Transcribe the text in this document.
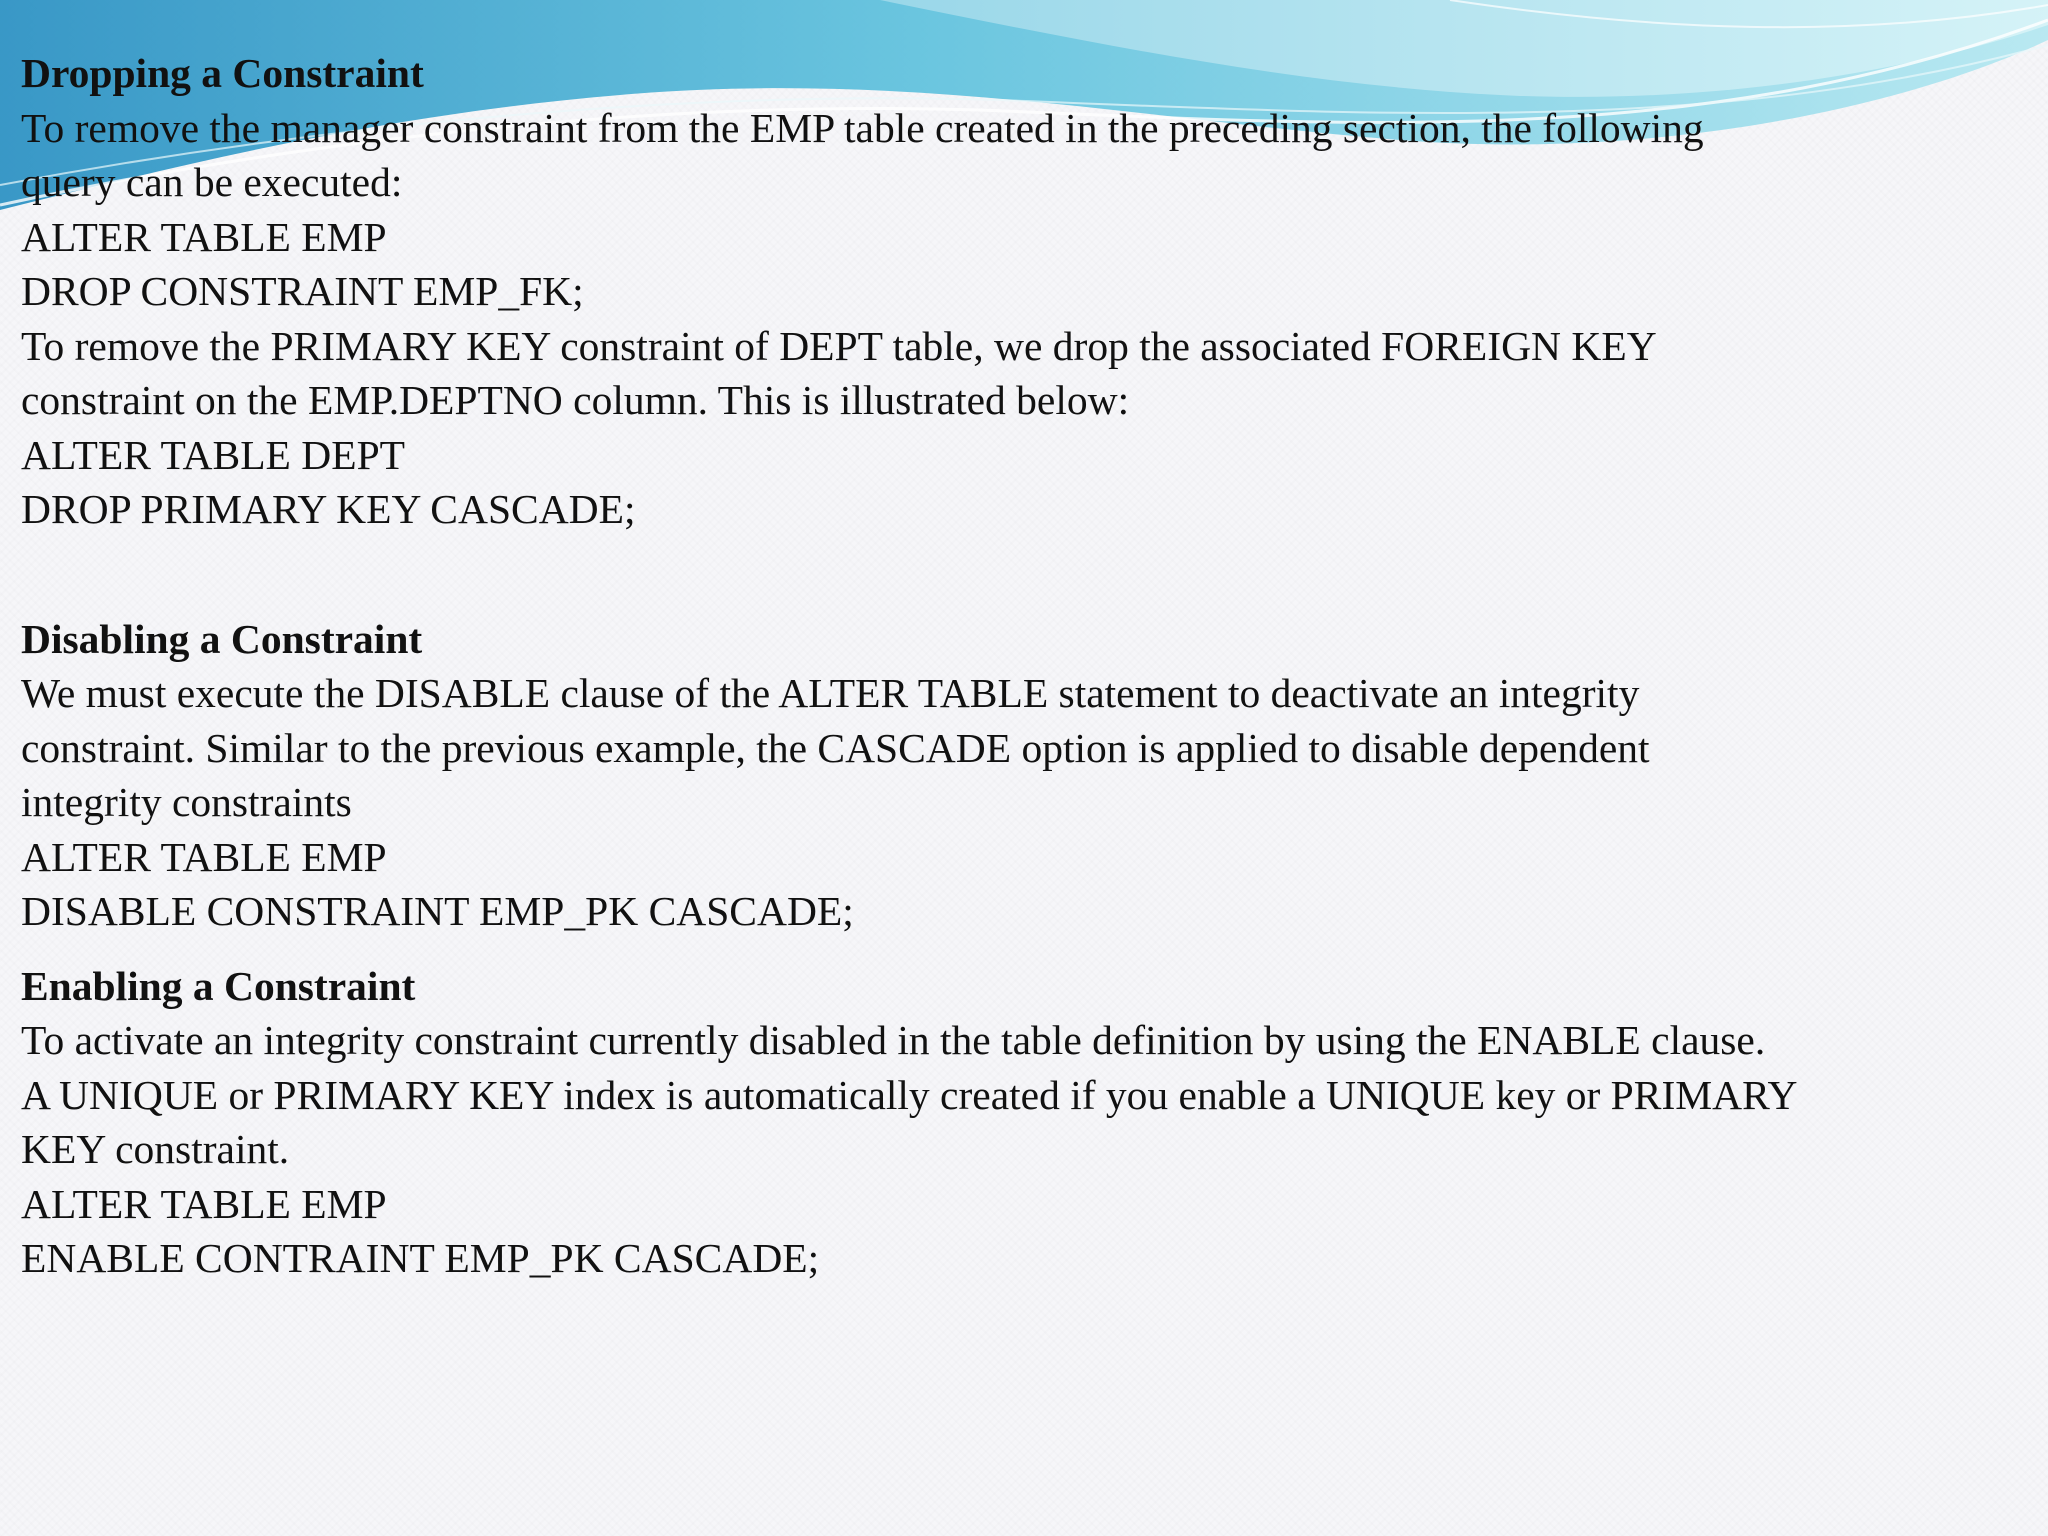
Dropping a Constraint
To remove the manager constraint from the EMP table created in the preceding section, the following
query can be executed:
ALTER TABLE EMP
DROP CONSTRAINT EMP_FK;
To remove the PRIMARY KEY constraint of DEPT table, we drop the associated FOREIGN KEY
constraint on the EMP.DEPTNO column. This is illustrated below:
ALTER TABLE DEPT
DROP PRIMARY KEY CASCADE;
Disabling a Constraint
We must execute the DISABLE clause of the ALTER TABLE statement to deactivate an integrity
constraint. Similar to the previous example, the CASCADE option is applied to disable dependent
integrity constraints
ALTER TABLE EMP
DISABLE CONSTRAINT EMP_PK CASCADE;
Enabling a Constraint
To activate an integrity constraint currently disabled in the table definition by using the ENABLE clause.
A UNIQUE or PRIMARY KEY index is automatically created if you enable a UNIQUE key or PRIMARY
KEY constraint.
ALTER TABLE EMP
ENABLE CONTRAINT EMP_PK CASCADE;
